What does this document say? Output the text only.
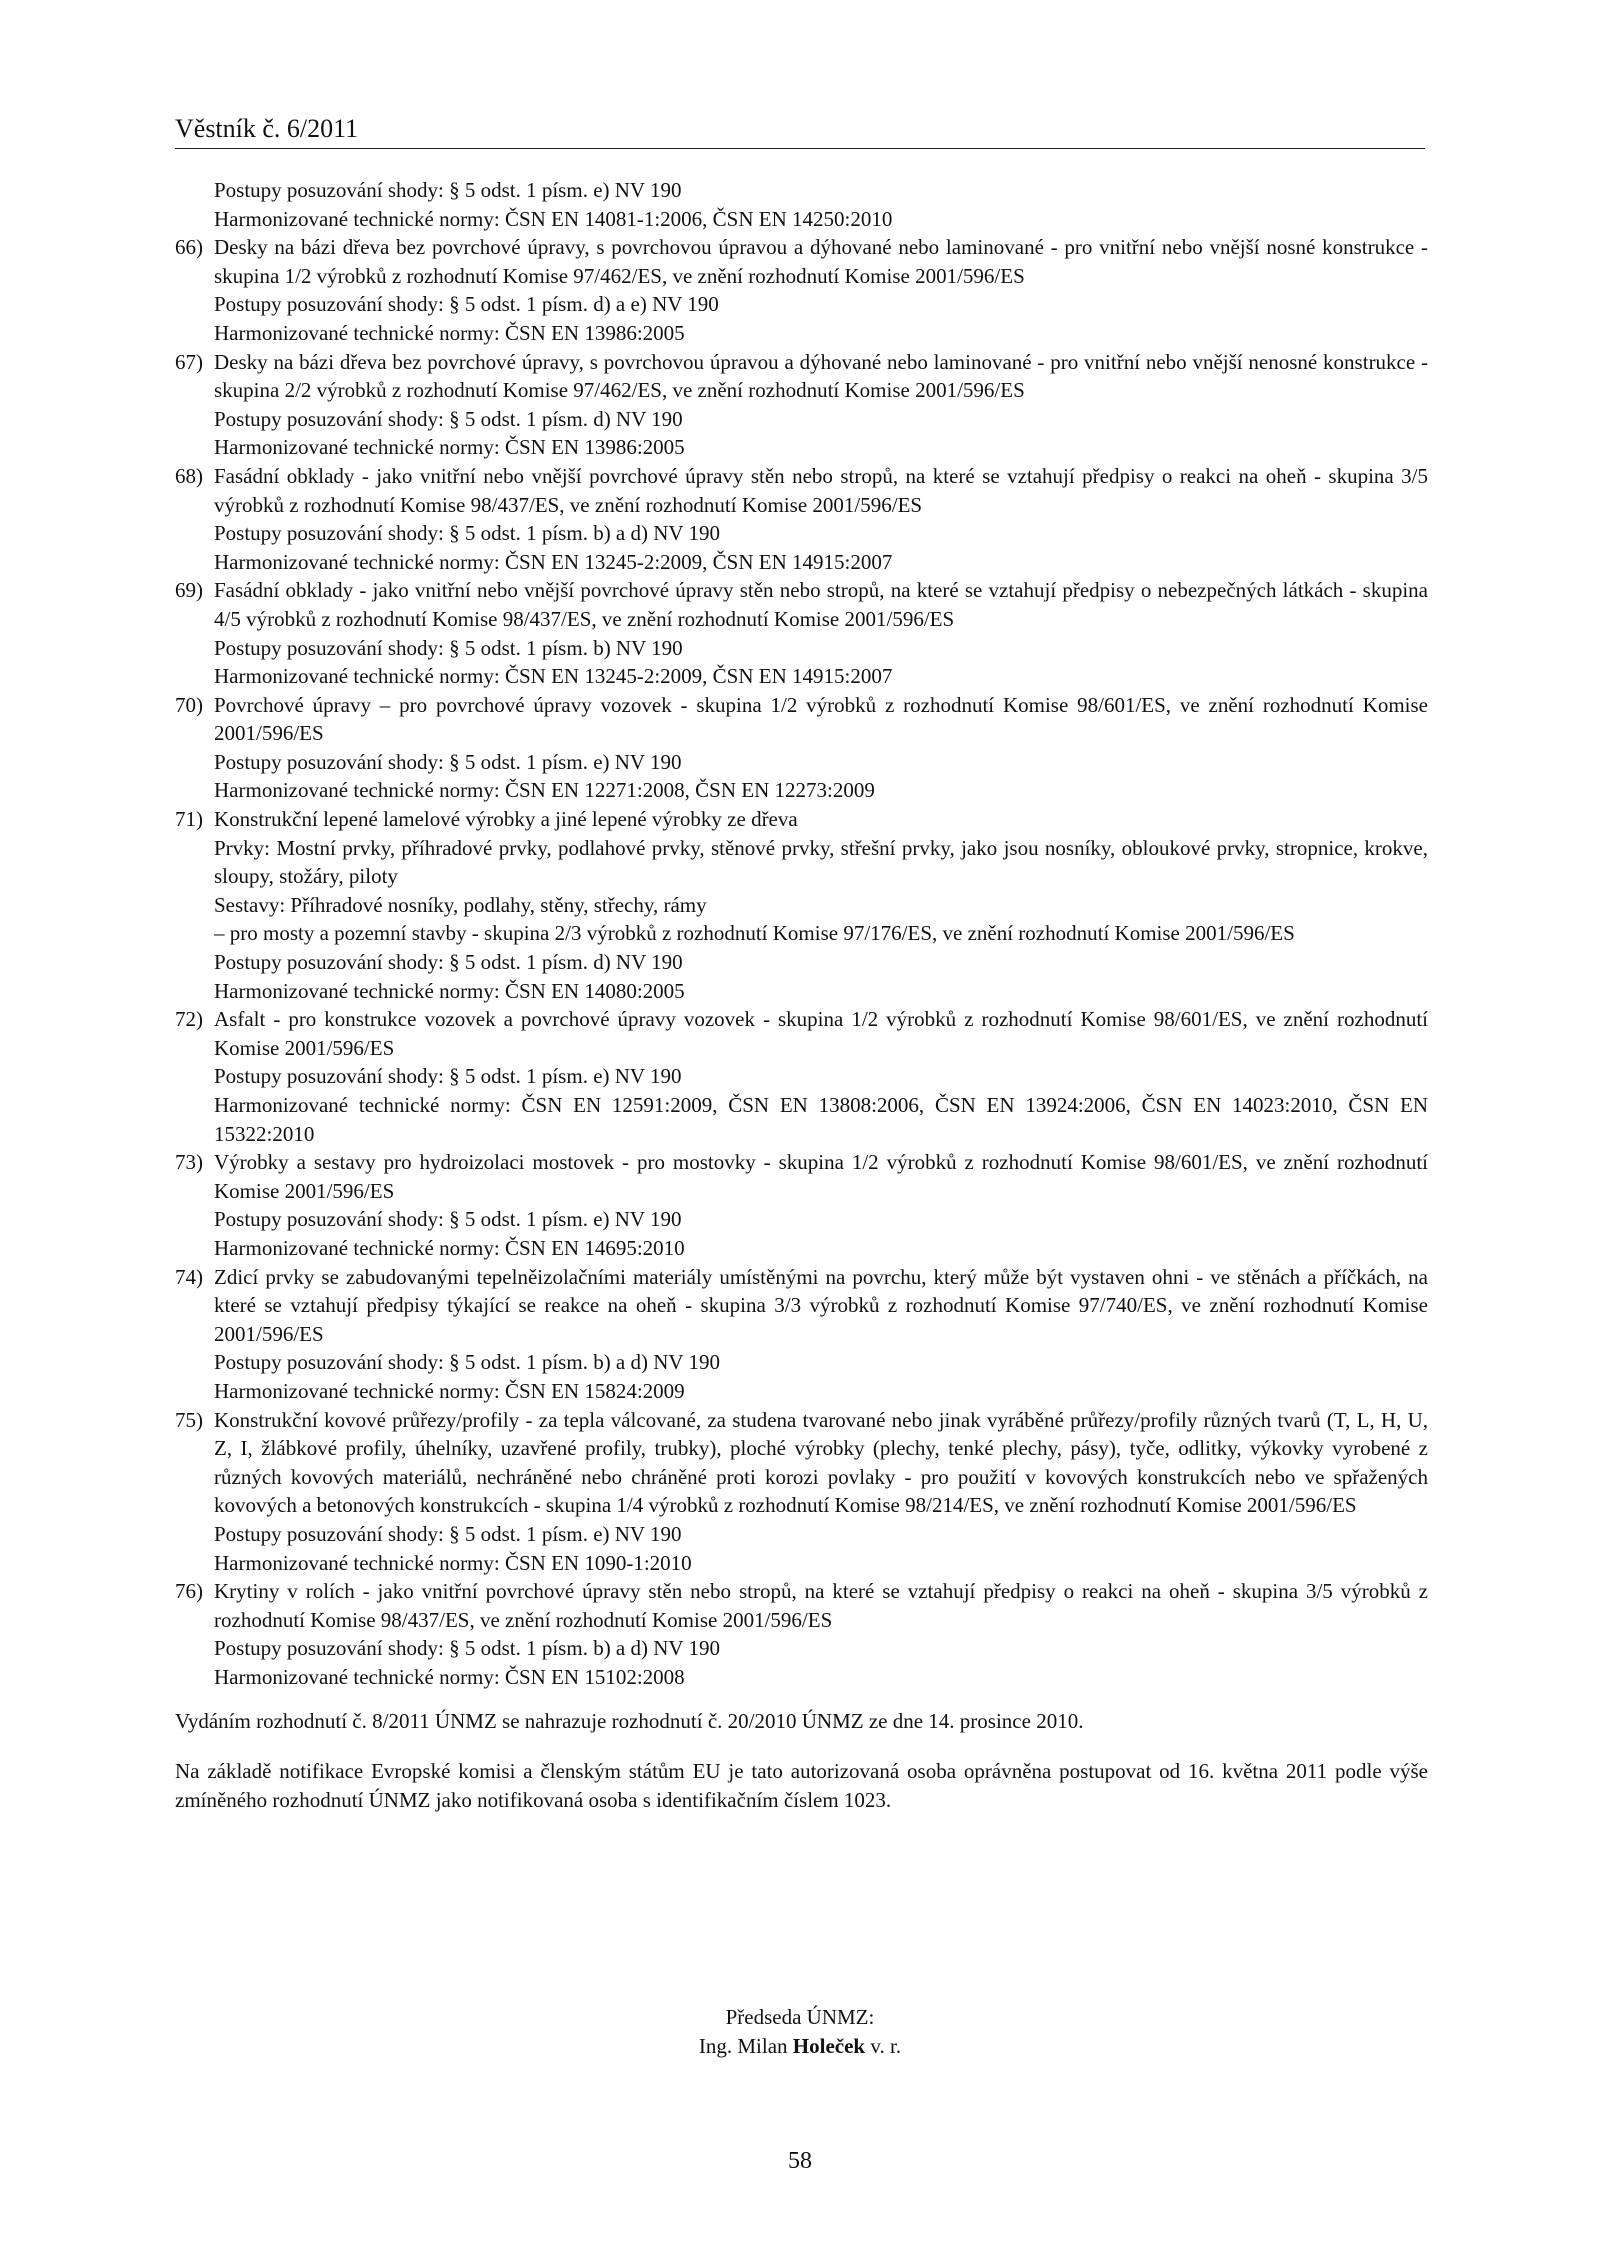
Věstník č. 6/2011
Postupy posuzování shody: § 5 odst. 1 písm. e) NV 190
Harmonizované technické normy: ČSN EN 14081-1:2006, ČSN EN 14250:2010
66) Desky na bázi dřeva bez povrchové úpravy, s povrchovou úpravou a dýhované nebo laminované - pro vnitřní nebo vnější nosné konstrukce - skupina 1/2 výrobků z rozhodnutí Komise 97/462/ES, ve znění rozhodnutí Komise 2001/596/ES
Postupy posuzování shody: § 5 odst. 1 písm. d) a e) NV 190
Harmonizované technické normy: ČSN EN 13986:2005
67) Desky na bázi dřeva bez povrchové úpravy, s povrchovou úpravou a dýhované nebo laminované - pro vnitřní nebo vnější nenosné konstrukce - skupina 2/2 výrobků z rozhodnutí Komise 97/462/ES, ve znění rozhodnutí Komise 2001/596/ES
Postupy posuzování shody: § 5 odst. 1 písm. d) NV 190
Harmonizované technické normy: ČSN EN 13986:2005
68) Fasádní obklady - jako vnitřní nebo vnější povrchové úpravy stěn nebo stropů, na které se vztahují předpisy o reakci na oheň - skupina 3/5 výrobků z rozhodnutí Komise 98/437/ES, ve znění rozhodnutí Komise 2001/596/ES
Postupy posuzování shody: § 5 odst. 1 písm. b) a d) NV 190
Harmonizované technické normy: ČSN EN 13245-2:2009, ČSN EN 14915:2007
69) Fasádní obklady - jako vnitřní nebo vnější povrchové úpravy stěn nebo stropů, na které se vztahují předpisy o nebezpečných látkách - skupina 4/5 výrobků z rozhodnutí Komise 98/437/ES, ve znění rozhodnutí Komise 2001/596/ES
Postupy posuzování shody: § 5 odst. 1 písm. b) NV 190
Harmonizované technické normy: ČSN EN 13245-2:2009, ČSN EN 14915:2007
70) Povrchové úpravy – pro povrchové úpravy vozovek - skupina 1/2 výrobků z rozhodnutí Komise 98/601/ES, ve znění rozhodnutí Komise 2001/596/ES
Postupy posuzování shody: § 5 odst. 1 písm. e) NV 190
Harmonizované technické normy: ČSN EN 12271:2008, ČSN EN 12273:2009
71) Konstrukční lepené lamelové výrobky a jiné lepené výrobky ze dřeva
Prvky: Mostní prvky, příhradové prvky, podlahové prvky, stěnové prvky, střešní prvky, jako jsou nosníky, obloukové prvky, stropnice, krokve, sloupy, stožáry, piloty
Sestavy: Příhradové nosníky, podlahy, stěny, střechy, rámy
– pro mosty a pozemní stavby - skupina 2/3 výrobků z rozhodnutí Komise 97/176/ES, ve znění rozhodnutí Komise 2001/596/ES
Postupy posuzování shody: § 5 odst. 1 písm. d) NV 190
Harmonizované technické normy: ČSN EN 14080:2005
72) Asfalt - pro konstrukce vozovek a povrchové úpravy vozovek - skupina 1/2 výrobků z rozhodnutí Komise 98/601/ES, ve znění rozhodnutí Komise 2001/596/ES
Postupy posuzování shody: § 5 odst. 1 písm. e) NV 190
Harmonizované technické normy: ČSN EN 12591:2009, ČSN EN 13808:2006, ČSN EN 13924:2006, ČSN EN 14023:2010, ČSN EN 15322:2010
73) Výrobky a sestavy pro hydroizolaci mostovek - pro mostovky - skupina 1/2 výrobků z rozhodnutí Komise 98/601/ES, ve znění rozhodnutí Komise 2001/596/ES
Postupy posuzování shody: § 5 odst. 1 písm. e) NV 190
Harmonizované technické normy: ČSN EN 14695:2010
74) Zdicí prvky se zabudovanými tepelněizolačními materiály umístěnými na povrchu, který může být vystaven ohni - ve stěnách a příčkách, na které se vztahují předpisy týkající se reakce na oheň - skupina 3/3 výrobků z rozhodnutí Komise 97/740/ES, ve znění rozhodnutí Komise 2001/596/ES
Postupy posuzování shody: § 5 odst. 1 písm. b) a d) NV 190
Harmonizované technické normy: ČSN EN 15824:2009
75) Konstrukční kovové průřezy/profily - za tepla válcované, za studena tvarované nebo jinak vyráběné průřezy/profily různých tvarů (T, L, H, U, Z, I, žlábkové profily, úhelníky, uzavřené profily, trubky), ploché výrobky (plechy, tenké plechy, pásy), tyče, odlitky, výkovky vyrobené z různých kovových materiálů, nechráněné nebo chráněné proti korozi povlaky - pro použití v kovových konstrukcích nebo ve spřažených kovových a betonových konstrukcích - skupina 1/4 výrobků z rozhodnutí Komise 98/214/ES, ve znění rozhodnutí Komise 2001/596/ES
Postupy posuzování shody: § 5 odst. 1 písm. e) NV 190
Harmonizované technické normy: ČSN EN 1090-1:2010
76) Krytiny v rolích - jako vnitřní povrchové úpravy stěn nebo stropů, na které se vztahují předpisy o reakci na oheň - skupina 3/5 výrobků z rozhodnutí Komise 98/437/ES, ve znění rozhodnutí Komise 2001/596/ES
Postupy posuzování shody: § 5 odst. 1 písm. b) a d) NV 190
Harmonizované technické normy: ČSN EN 15102:2008
Vydáním rozhodnutí č. 8/2011 ÚNMZ se nahrazuje rozhodnutí č. 20/2010 ÚNMZ ze dne 14. prosince 2010.
Na základě notifikace Evropské komisi a členským státům EU je tato autorizovaná osoba oprávněna postupovat od 16. května 2011 podle výše zmíněného rozhodnutí ÚNMZ jako notifikovaná osoba s identifikačním číslem 1023.
Předseda ÚNMZ:
Ing. Milan Holeček v. r.
58
